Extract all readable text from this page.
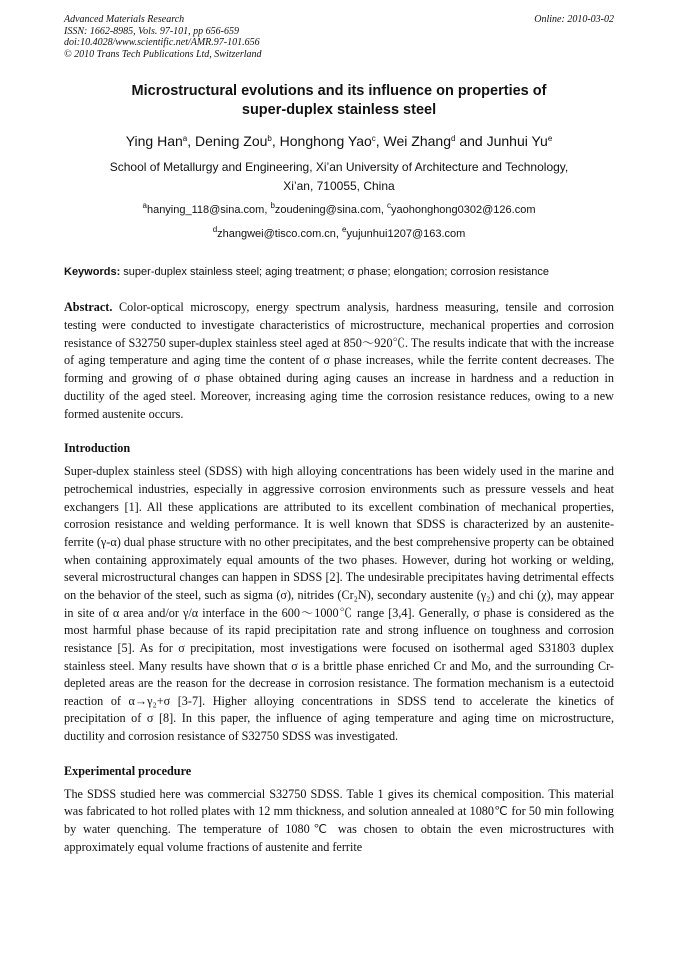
Advanced Materials Research
ISSN: 1662-8985, Vols. 97-101, pp 656-659
doi:10.4028/www.scientific.net/AMR.97-101.656
© 2010 Trans Tech Publications Ltd, Switzerland
Online: 2010-03-02
Microstructural evolutions and its influence on properties of
super-duplex stainless steel
Ying Han$^a$, Dening Zou$^b$, Honghong Yao$^c$, Wei Zhang$^d$ and Junhui Yu$^e$
School of Metallurgy and Engineering, Xi’an University of Architecture and Technology,
Xi’an, 710055, China
$^a$hanying_118@sina.com, $^b$zoudening@sina.com, $^c$yaohonghong0302@126.com
$^d$zhangwei@tisco.com.cn, $^e$yujunhui1207@163.com
Keywords: super-duplex stainless steel; aging treatment; σ phase; elongation; corrosion resistance
Abstract. Color-optical microscopy, energy spectrum analysis, hardness measuring, tensile and corrosion testing were conducted to investigate characteristics of microstructure, mechanical properties and corrosion resistance of S32750 super-duplex stainless steel aged at 850～920℃. The results indicate that with the increase of aging temperature and aging time the content of σ phase increases, while the ferrite content decreases. The forming and growing of σ phase obtained during aging causes an increase in hardness and a reduction in ductility of the aged steel. Moreover, increasing aging time the corrosion resistance reduces, owing to a new formed austenite occurs.
Introduction
Super-duplex stainless steel (SDSS) with high alloying concentrations has been widely used in the marine and petrochemical industries, especially in aggressive corrosion environments such as pressure vessels and heat exchangers [1]. All these applications are attributed to its excellent combination of mechanical properties, corrosion resistance and welding performance. It is well known that SDSS is characterized by an austenite-ferrite (γ-α) dual phase structure with no other precipitates, and the best comprehensive property can be obtained when containing approximately equal amounts of the two phases. However, during hot working or welding, several microstructural changes can happen in SDSS [2]. The undesirable precipitates having detrimental effects on the behavior of the steel, such as sigma (σ), nitrides (Cr₂N), secondary austenite (γ₂) and chi (χ), may appear in site of α area and/or γ/α interface in the 600～1000℃ range [3,4]. Generally, σ phase is considered as the most harmful phase because of its rapid precipitation rate and strong influence on toughness and corrosion resistance [5]. As for σ precipitation, most investigations were focused on isothermal aged S31803 duplex stainless steel. Many results have shown that σ is a brittle phase enriched Cr and Mo, and the surrounding Cr-depleted areas are the reason for the decrease in corrosion resistance. The formation mechanism is a eutectoid reaction of α→γ₂+σ [3-7]. Higher alloying concentrations in SDSS tend to accelerate the kinetics of precipitation of σ [8]. In this paper, the influence of aging temperature and aging time on microstructure, ductility and corrosion resistance of S32750 SDSS was investigated.
Experimental procedure
The SDSS studied here was commercial S32750 SDSS. Table 1 gives its chemical composition. This material was fabricated to hot rolled plates with 12 mm thickness, and solution annealed at 1080℃ for 50 min following by water quenching. The temperature of 1080℃ was chosen to obtain the even microstructures with approximately equal volume fractions of austenite and ferrite
